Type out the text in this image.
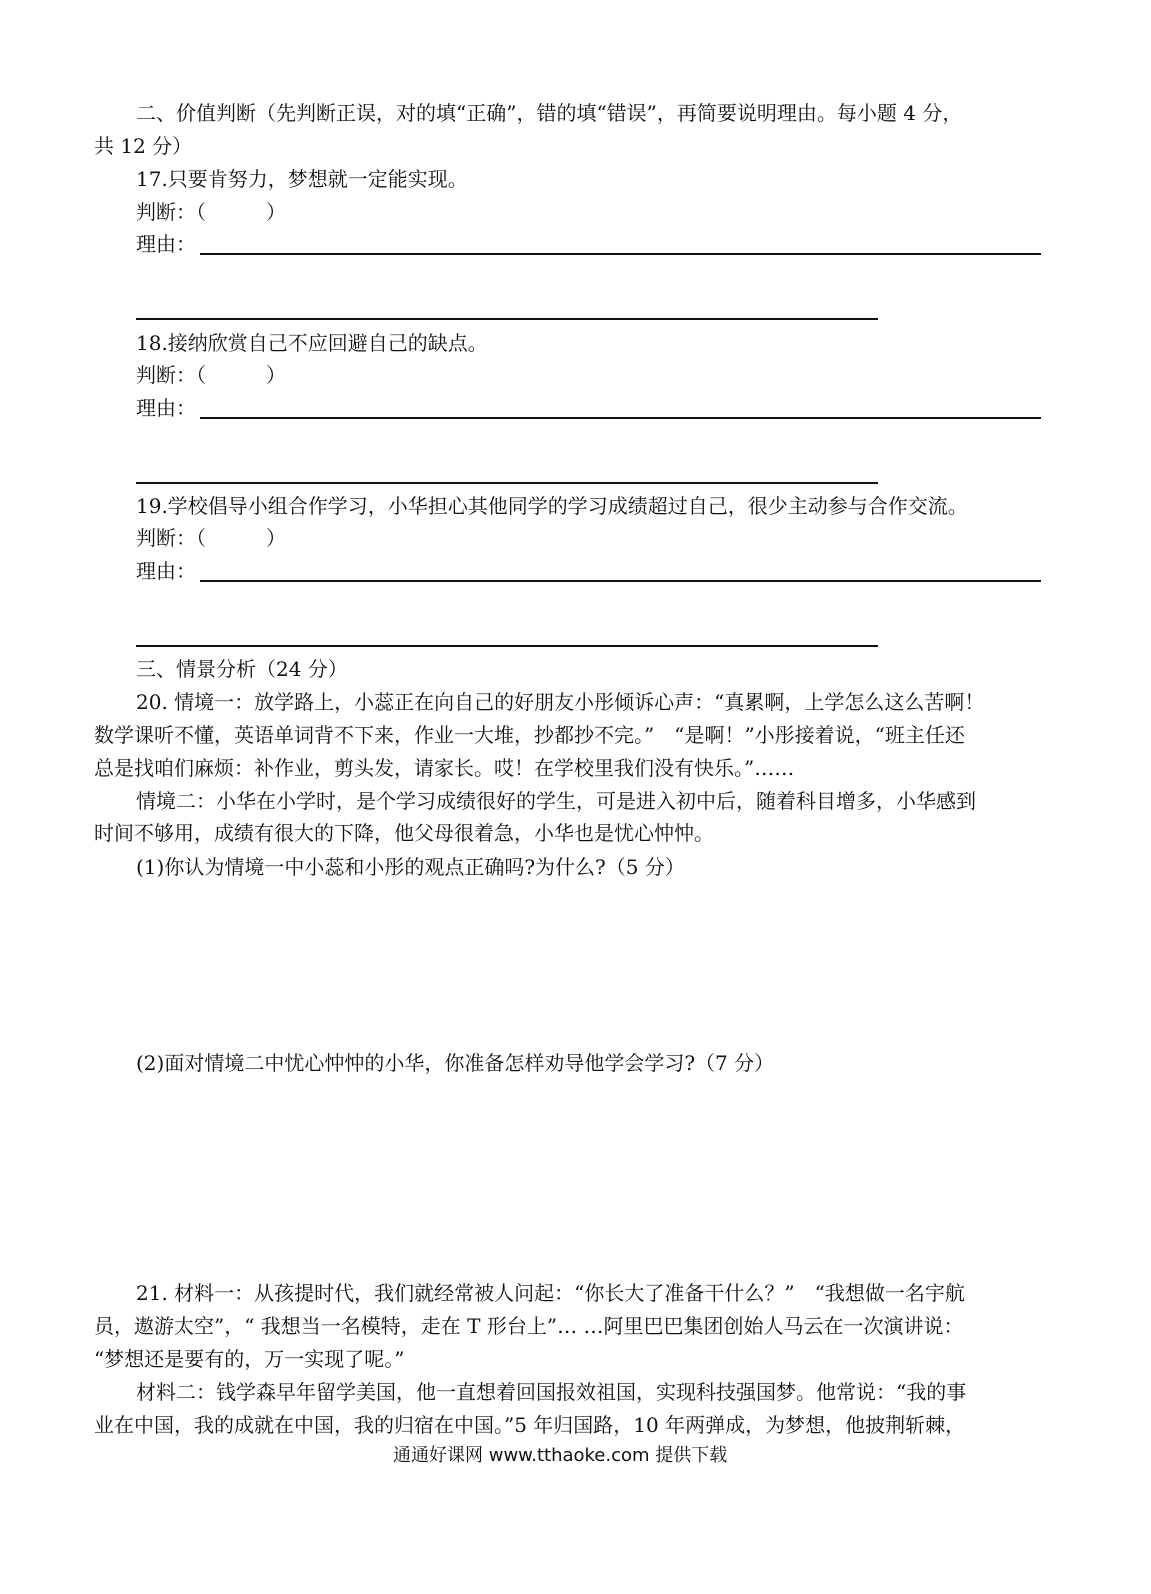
二、价值判断（先判断正误，对的填“正确”，错的填“错误”，再简要说明理由。每小题 4 分，

共 12 分）

17.只要肯努力，梦想就一定能实现。

判断：（　　　）

理由：

18.接纳欣赏自己不应回避自己的缺点。

判断：（　　　）

理由：

19.学校倡导小组合作学习，小华担心其他同学的学习成绩超过自己，很少主动参与合作交流。

判断：（　　　）

理由：

三、情景分析（24 分）

20. 情境一：放学路上，小蕊正在向自己的好朋友小彤倾诉心声：“真累啊，上学怎么这么苦啊！

数学课听不懂，英语单词背不下来，作业一大堆，抄都抄不完。”　“是啊！”小彤接着说，“班主任还

总是找咱们麻烦：补作业，剪头发，请家长。哎！在学校里我们没有快乐。”……

情境二：小华在小学时，是个学习成绩很好的学生，可是进入初中后，随着科目增多，小华感到

时间不够用，成绩有很大的下降，他父母很着急，小华也是忧心忡忡。

(1)你认为情境一中小蕊和小彤的观点正确吗?为什么?（5 分）

(2)面对情境二中忧心忡忡的小华，你准备怎样劝导他学会学习?（7 分）

21. 材料一：从孩提时代，我们就经常被人问起：“你长大了准备干什么？”　“我想做一名宇航

员，遨游太空”，“ 我想当一名模特，走在 T 形台上”… …阿里巴巴集团创始人马云在一次演讲说：

“梦想还是要有的，万一实现了呢。”

材料二：钱学森早年留学美国，他一直想着回国报效祖国，实现科技强国梦。他常说：“我的事

业在中国，我的成就在中国，我的归宿在中国。”5 年归国路，10 年两弹成，为梦想，他披荆斩棘，

通通好课网 www.tthaoke.com 提供下载
